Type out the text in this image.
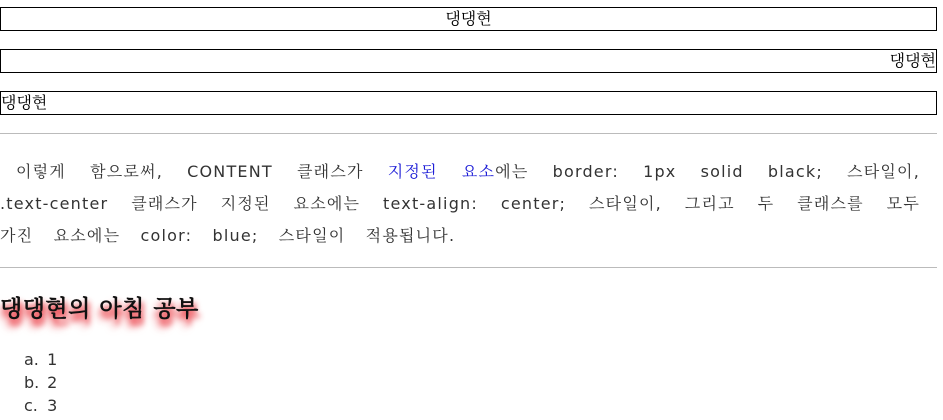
댕댕현
댕댕현
댕댕현

이렇게 함으로써, CONTENT 클래스가 지정된 요소에는 border: 1px solid black; 스타일이, .text-center 클래스가 지정된 요소에는 text-align: center; 스타일이, 그리고 두 클래스를 모두 가진 요소에는 color: blue; 스타일이 적용됩니다.

댕댕현의 아침 공부
a. 1
b. 2
c. 3
